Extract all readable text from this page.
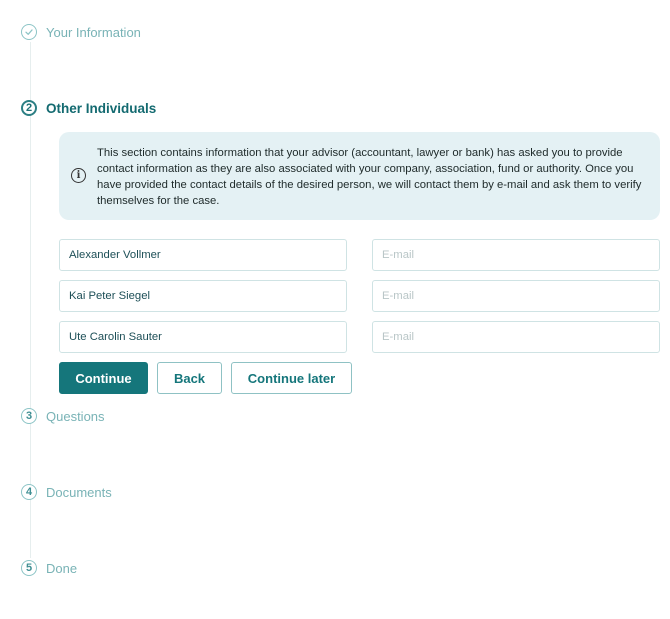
Your Information
2	Other Individuals
i
This section contains information that your advisor (accountant, lawyer or bank) has asked you to provide contact information as they are also associated with your company, association, fund or authority. Once you have provided the contact details of the desired person, we will contact them by e-mail and ask them to verify themselves for the case.
Alexander Vollmer
E-mail
Kai Peter Siegel
E-mail
Ute Carolin Sauter
E-mail
Continue	Back	Continue later
3	Questions
4	Documents
5	Done
